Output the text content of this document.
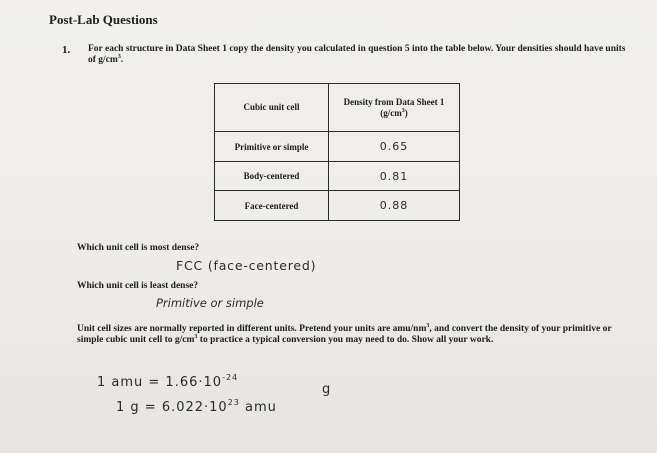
Post-Lab Questions
1. For each structure in Data Sheet 1 copy the density you calculated in question 5 into the table below. Your densities should have units of $g/cm^3$.
Cubic unit cell	Density from Data Sheet 1
$(g/cm^3)$
Primitive or simple	0.65
Body-centered	0.81
Face-centered	0.88
Which unit cell is most dense?
FCC (face-centered)
Which unit cell is least dense?
Primitive or simple
Unit cell sizes are normally reported in different units. Pretend your units are amu/$nm^3$, and convert the density of your primitive or simple cubic unit cell to $g/cm^3$ to practice a typical conversion you may need to do. Show all your work.
1 amu = $1.66\cdot 10^{-24}$
g
1 $g = 6.022\cdot 10^{23}$ amu
